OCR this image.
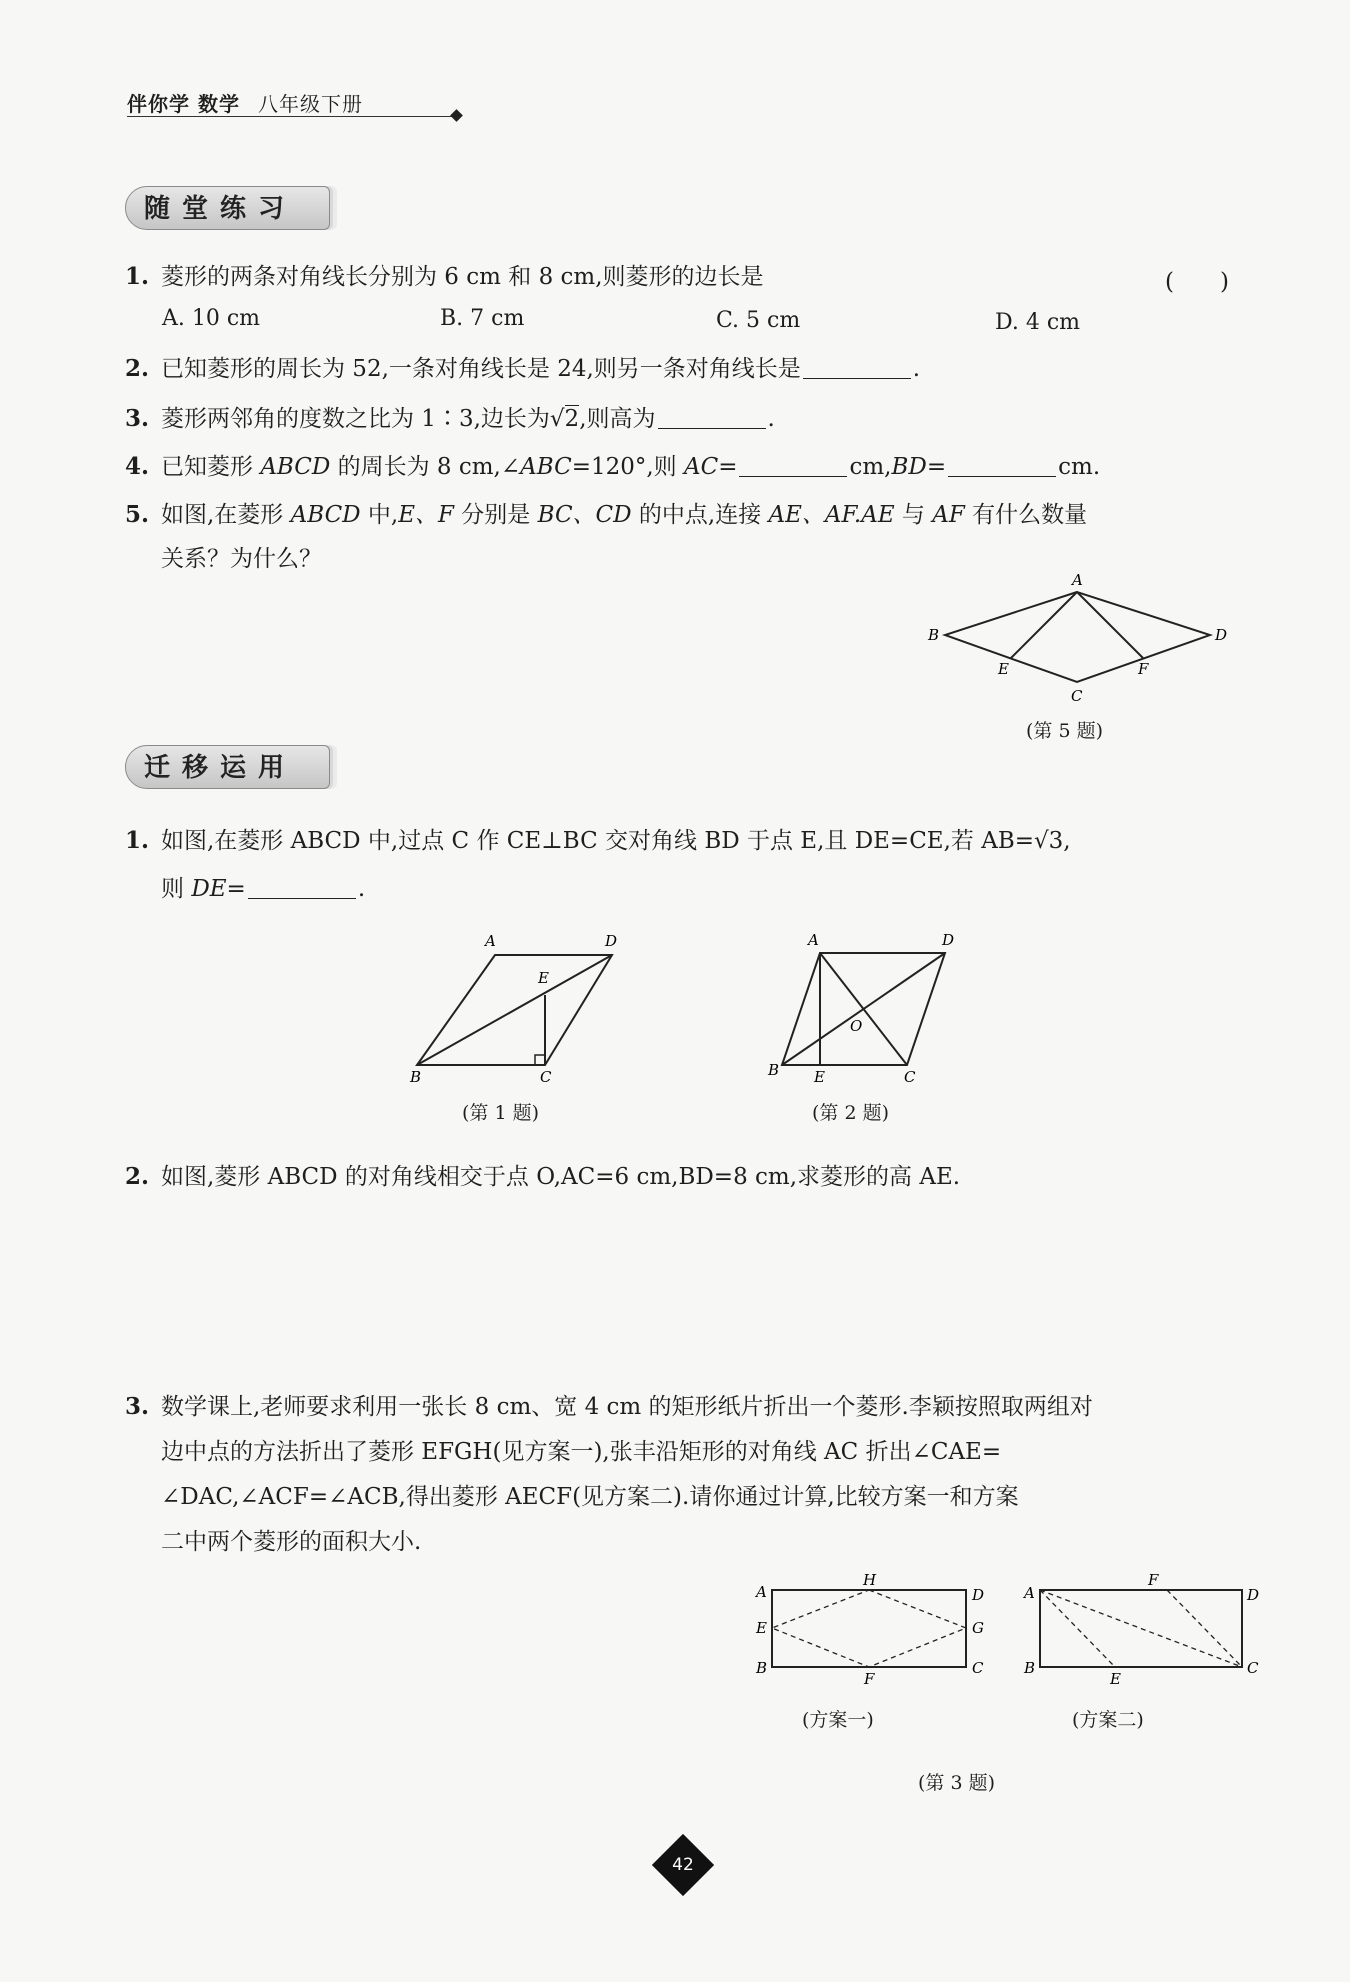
伴你学 数学 八年级下册
随堂练习
1. 菱形的两条对角线长分别为 6 cm 和 8 cm,则菱形的边长是	(　　)
A. 10 cm	B. 7 cm	C. 5 cm	D. 4 cm
2. 已知菱形的周长为 52,一条对角线长是 24,则另一条对角线长是	.
3. 菱形两邻角的度数之比为 1∶3,边长为√2,则高为	.
4. 已知菱形 ABCD 的周长为 8 cm,∠ABC=120°,则 AC=	cm,BD=	cm.
5. 如图,在菱形 ABCD 中,E、F 分别是 BC、CD 的中点,连接 AE、AF.AE 与 AF 有什么数量
关系？为什么？
A
B
C
D
E	F
(第 5 题)
迁移运用
1. 如图,在菱形 ABCD 中,过点 C 作 CE⊥BC 交对角线 BD 于点 E,且 DE=CE,若 AB=√3,
则 DE=	.
A	D
E
B	C
(第 1 题)
A	D
O
B E	C
(第 2 题)
2. 如图,菱形 ABCD 的对角线相交于点 O,AC=6 cm,BD=8 cm,求菱形的高 AE.
3. 数学课上,老师要求利用一张长 8 cm、宽 4 cm 的矩形纸片折出一个菱形.李颖按照取两组对
边中点的方法折出了菱形 EFGH(见方案一),张丰沿矩形的对角线 AC 折出∠CAE=
∠DAC,∠ACF=∠ACB,得出菱形 AECF(见方案二).请你通过计算,比较方案一和方案
二中两个菱形的面积大小.
A
H
D
E	G
B
F
C
(方案一)
A
F
D
B
E
C
(方案二)
(第 3 题)
42
